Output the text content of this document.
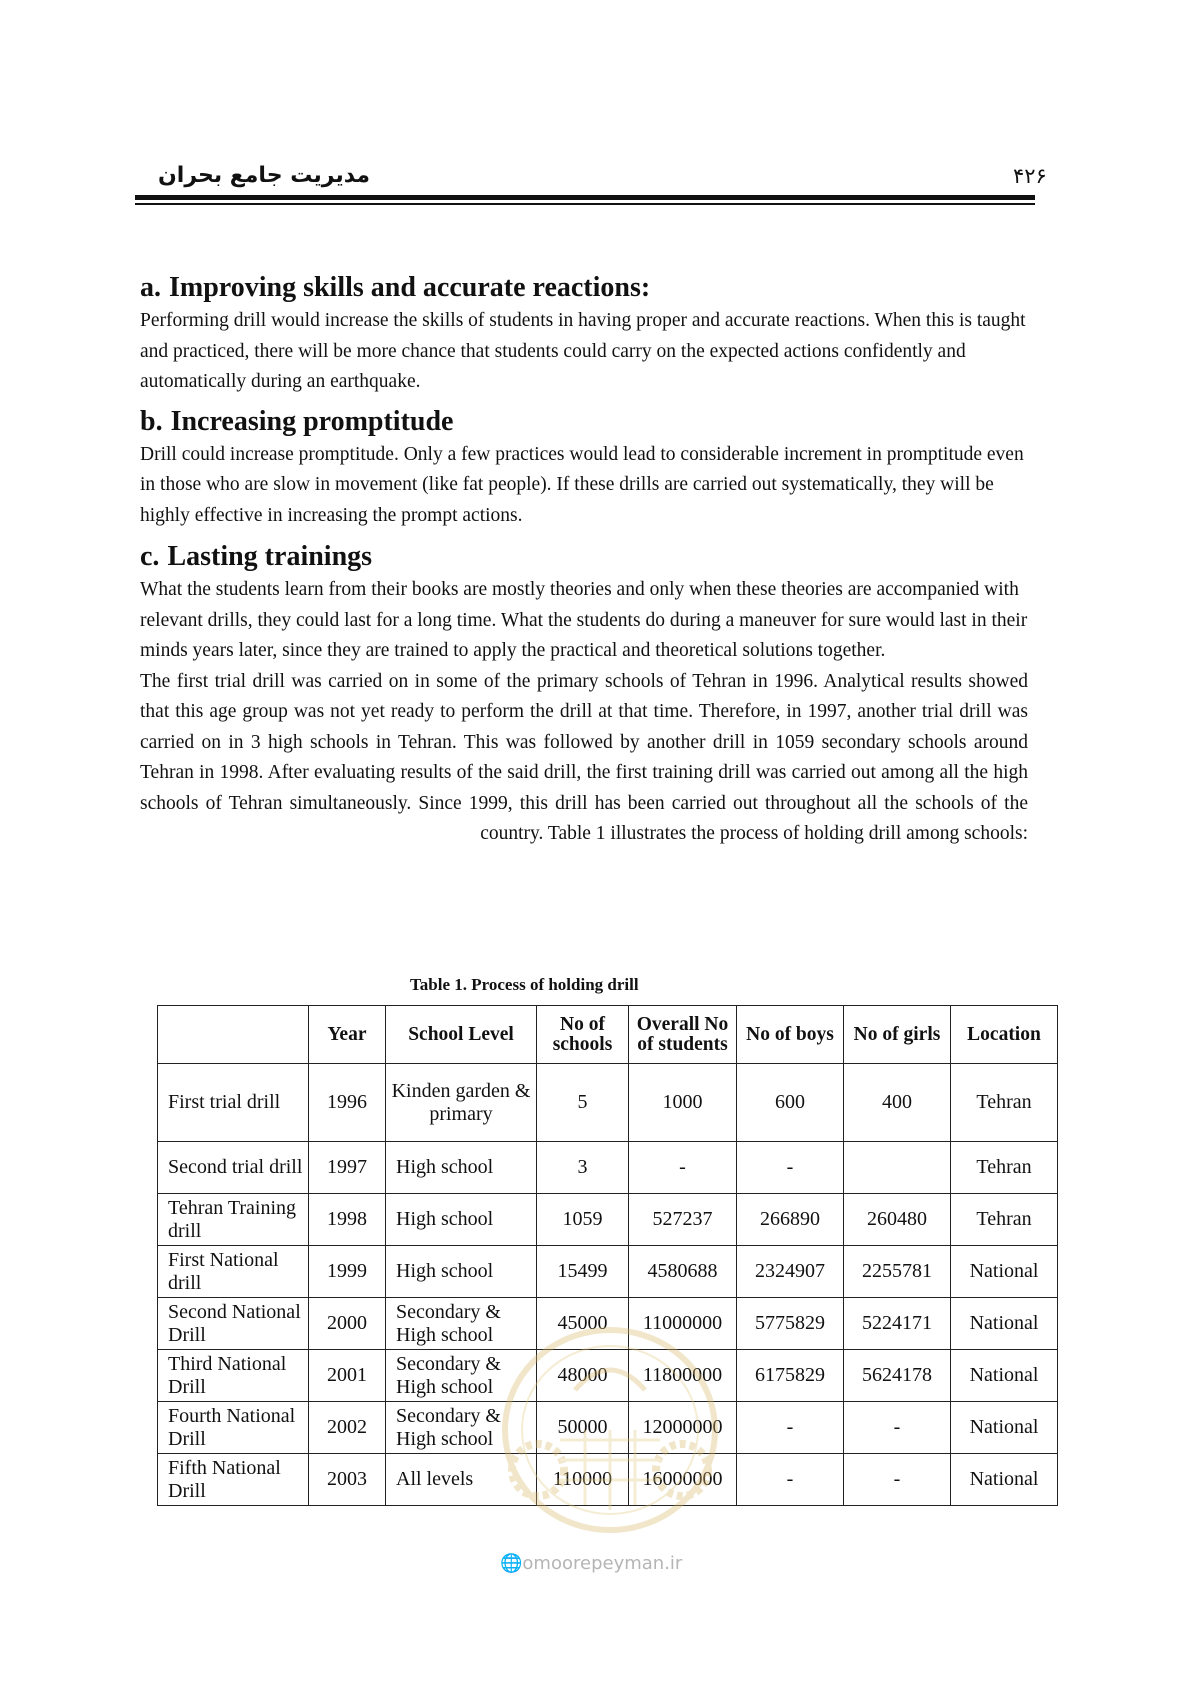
۴۲۶
مدیریت جامع بحران
a. Improving skills and accurate reactions:

Performing drill would increase the skills of students in having proper and accurate reactions. When this is taught and practiced, there will be more chance that students could carry on the expected actions confidently and automatically during an earthquake.

b. Increasing promptitude

Drill could increase promptitude. Only a few practices would lead to considerable increment in promptitude even in those who are slow in movement (like fat people). If these drills are carried out systematically, they will be highly effective in increasing the prompt actions.

c. Lasting trainings

What the students learn from their books are mostly theories and only when these theories are accompanied with relevant drills, they could last for a long time. What the students do during a maneuver for sure would last in their minds years later, since they are trained to apply the practical and theoretical solutions together.

The first trial drill was carried on in some of the primary schools of Tehran in 1996. Analytical results showed that this age group was not yet ready to perform the drill at that time. Therefore, in 1997, another trial drill was carried on in 3 high schools in Tehran. This was followed by another drill in 1059 secondary schools around Tehran in 1998. After evaluating results of the said drill, the first training drill was carried out among all the high schools of Tehran simultaneously. Since 1999, this drill has been carried out throughout all the schools of the country. Table 1 illustrates the process of holding drill among schools:

Table 1. Process of holding drill
	Year	School Level	No of schools	Overall No of students	No of boys	No of girls	Location
First trial drill	1996	Kinden garden & primary	5	1000	600	400	Tehran
Second trial drill	1997	High school	3	-	-		Tehran
Tehran Training drill	1998	High school	1059	527237	266890	260480	Tehran
First National drill	1999	High school	15499	4580688	2324907	2255781	National
Second National Drill	2000	Secondary & High school	45000	11000000	5775829	5224171	National
Third National Drill	2001	Secondary & High school	48000	11800000	6175829	5624178	National
Fourth National Drill	2002	Secondary & High school	50000	12000000	-	-	National
Fifth National Drill	2003	All levels	110000	16000000	-	-	National
🌐omoorepeyman.ir
